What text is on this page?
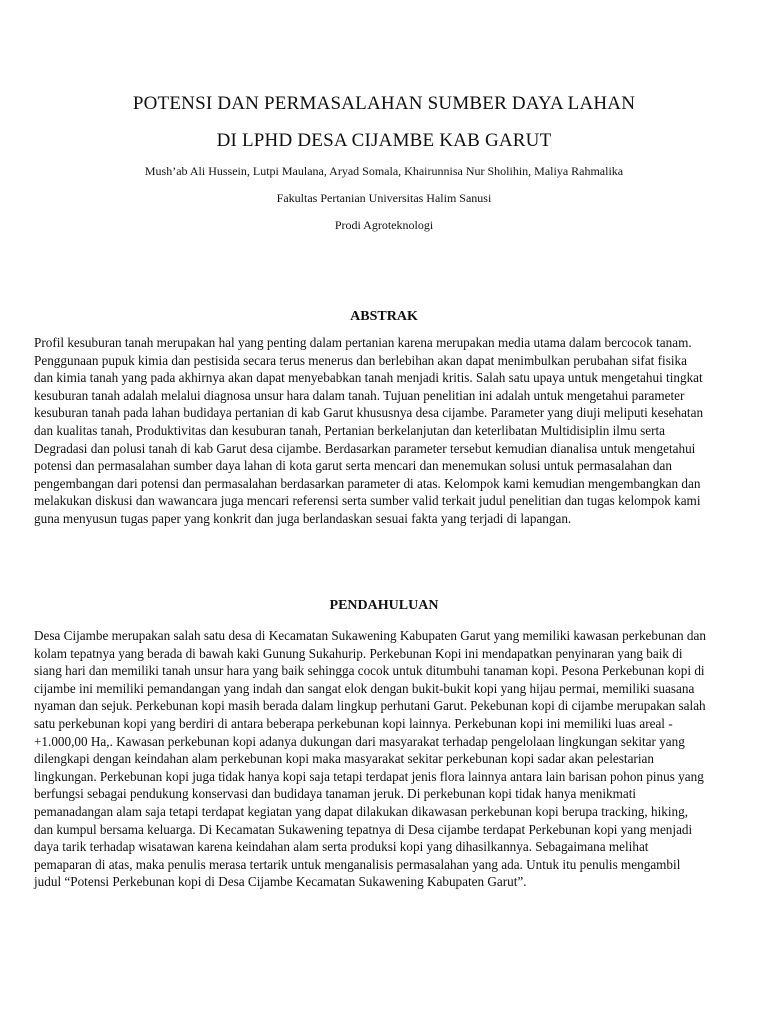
POTENSI DAN PERMASALAHAN SUMBER DAYA LAHAN
DI LPHD DESA CIJAMBE KAB GARUT

Mush’ab Ali Hussein, Lutpi Maulana, Aryad Somala, Khairunnisa Nur Sholihin, Maliya Rahmalika

Fakultas Pertanian Universitas Halim Sanusi

Prodi Agroteknologi

ABSTRAK
Profil kesuburan tanah merupakan hal yang penting dalam pertanian karena merupakan media utama dalam bercocok tanam.
Penggunaan pupuk kimia dan pestisida secara terus menerus dan berlebihan akan dapat menimbulkan perubahan sifat fisika
dan kimia tanah yang pada akhirnya akan dapat menyebabkan tanah menjadi kritis. Salah satu upaya untuk mengetahui tingkat
kesuburan tanah adalah melalui diagnosa unsur hara dalam tanah. Tujuan penelitian ini adalah untuk mengetahui parameter
kesuburan tanah pada lahan budidaya pertanian di kab Garut khususnya desa cijambe. Parameter yang diuji meliputi kesehatan
dan kualitas tanah, Produktivitas dan kesuburan tanah, Pertanian berkelanjutan dan keterlibatan Multidisiplin ilmu serta
Degradasi dan polusi tanah di kab Garut desa cijambe. Berdasarkan parameter tersebut kemudian dianalisa untuk mengetahui
potensi dan permasalahan sumber daya lahan di kota garut serta mencari dan menemukan solusi untuk permasalahan dan
pengembangan dari potensi dan permasalahan berdasarkan parameter di atas. Kelompok kami kemudian mengembangkan dan
melakukan diskusi dan wawancara juga mencari referensi serta sumber valid terkait judul penelitian dan tugas kelompok kami
guna menyusun tugas paper yang konkrit dan juga berlandaskan sesuai fakta yang terjadi di lapangan.
PENDAHULUAN
Desa Cijambe merupakan salah satu desa di Kecamatan Sukawening Kabupaten Garut yang memiliki kawasan perkebunan dan
kolam tepatnya yang berada di bawah kaki Gunung Sukahurip. Perkebunan Kopi ini mendapatkan penyinaran yang baik di
siang hari dan memiliki tanah unsur hara yang baik sehingga cocok untuk ditumbuhi tanaman kopi. Pesona Perkebunan kopi di
cijambe ini memiliki pemandangan yang indah dan sangat elok dengan bukit-bukit kopi yang hijau permai, memiliki suasana
nyaman dan sejuk. Perkebunan kopi masih berada dalam lingkup perhutani Garut. Pekebunan kopi di cijambe merupakan salah
satu perkebunan kopi yang berdiri di antara beberapa perkebunan kopi lainnya. Perkebunan kopi ini memiliki luas areal -
+1.000,00 Ha,. Kawasan perkebunan kopi adanya dukungan dari masyarakat terhadap pengelolaan lingkungan sekitar yang
dilengkapi dengan keindahan alam perkebunan kopi maka masyarakat sekitar perkebunan kopi sadar akan pelestarian
lingkungan. Perkebunan kopi juga tidak hanya kopi saja tetapi terdapat jenis flora lainnya antara lain barisan pohon pinus yang
berfungsi sebagai pendukung konservasi dan budidaya tanaman jeruk. Di perkebunan kopi tidak hanya menikmati
pemanadangan alam saja tetapi terdapat kegiatan yang dapat dilakukan dikawasan perkebunan kopi berupa tracking, hiking,
dan kumpul bersama keluarga. Di Kecamatan Sukawening tepatnya di Desa cijambe terdapat Perkebunan kopi yang menjadi
daya tarik terhadap wisatawan karena keindahan alam serta produksi kopi yang dihasilkannya. Sebagaimana melihat
pemaparan di atas, maka penulis merasa tertarik untuk menganalisis permasalahan yang ada. Untuk itu penulis mengambil
judul “Potensi Perkebunan kopi di Desa Cijambe Kecamatan Sukawening Kabupaten Garut”.
